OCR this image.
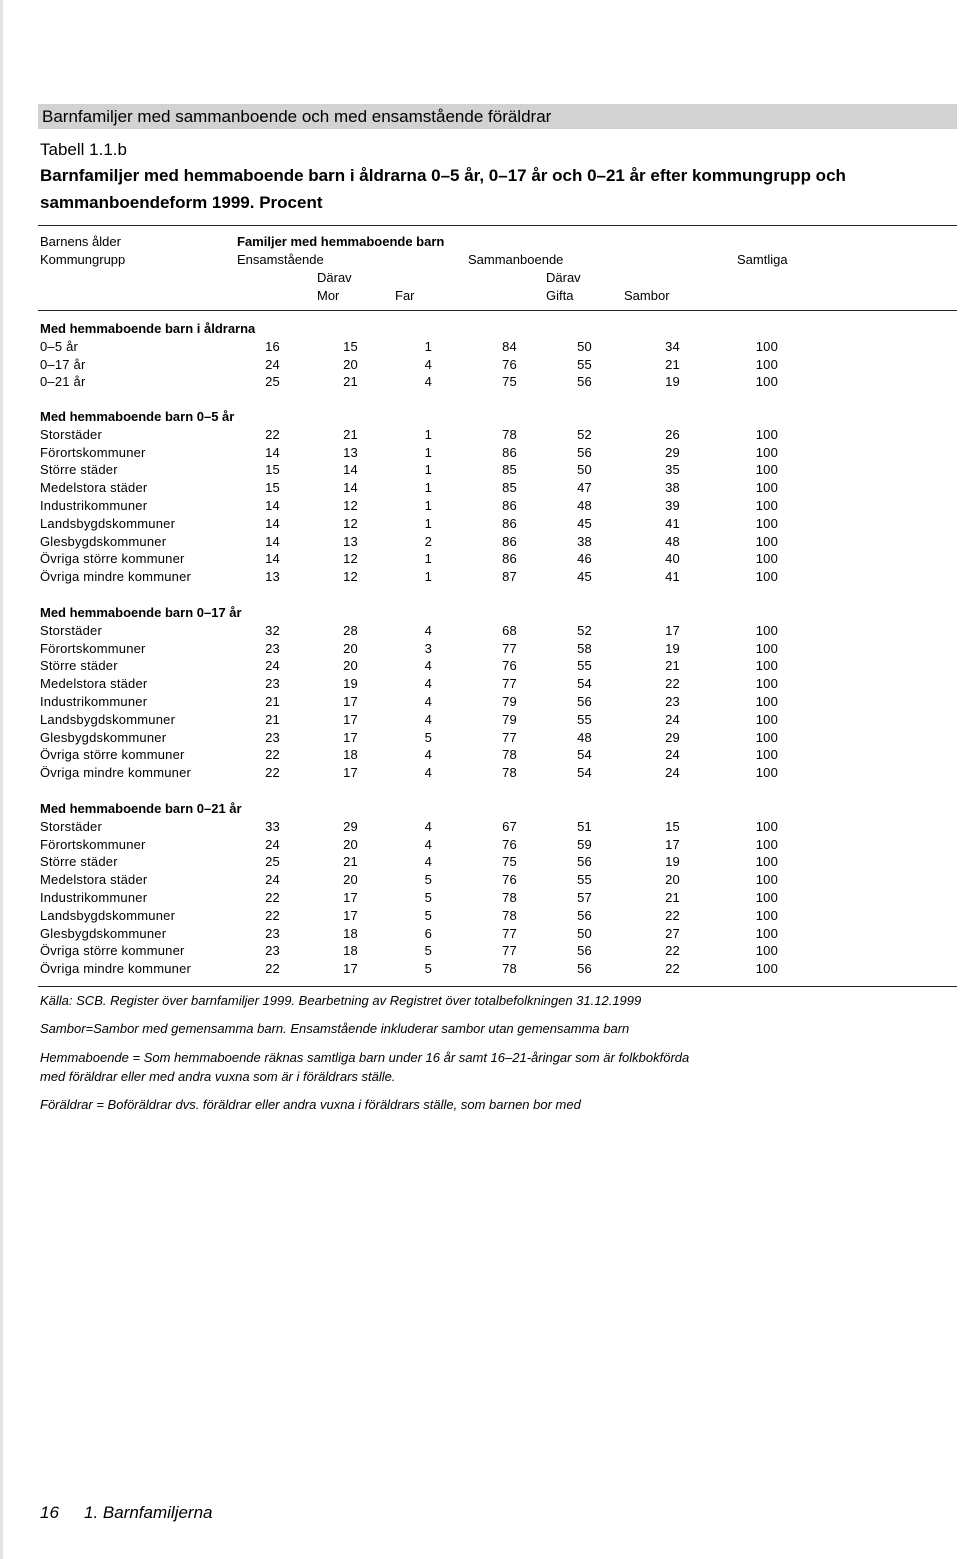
Barnfamiljer med sammanboende och med ensamstående föräldrar
Tabell 1.1.b
Barnfamiljer med hemmaboende barn i åldrarna 0–5 år, 0–17 år och 0–21 år efter kommungrupp och sammanboendeform 1999. Procent
Barnens ålder	Familjer med hemmaboende barn
Kommungrupp	Ensamstående	Sammanboende	Samtliga
Därav	Därav
Mor	Far	Gifta	Sambor
Med hemmaboende barn i åldrarna
0–5 år	16	15	1	84	50	34	100
0–17 år	24	20	4	76	55	21	100
0–21 år	25	21	4	75	56	19	100
Med hemmaboende barn 0–5 år
Storstäder	22	21	1	78	52	26	100
Förortskommuner	14	13	1	86	56	29	100
Större städer	15	14	1	85	50	35	100
Medelstora städer	15	14	1	85	47	38	100
Industrikommuner	14	12	1	86	48	39	100
Landsbygdskommuner	14	12	1	86	45	41	100
Glesbygdskommuner	14	13	2	86	38	48	100
Övriga större kommuner	14	12	1	86	46	40	100
Övriga mindre kommuner	13	12	1	87	45	41	100
Med hemmaboende barn 0–17 år
Storstäder	32	28	4	68	52	17	100
Förortskommuner	23	20	3	77	58	19	100
Större städer	24	20	4	76	55	21	100
Medelstora städer	23	19	4	77	54	22	100
Industrikommuner	21	17	4	79	56	23	100
Landsbygdskommuner	21	17	4	79	55	24	100
Glesbygdskommuner	23	17	5	77	48	29	100
Övriga större kommuner	22	18	4	78	54	24	100
Övriga mindre kommuner	22	17	4	78	54	24	100
Med hemmaboende barn 0–21 år
Storstäder	33	29	4	67	51	15	100
Förortskommuner	24	20	4	76	59	17	100
Större städer	25	21	4	75	56	19	100
Medelstora städer	24	20	5	76	55	20	100
Industrikommuner	22	17	5	78	57	21	100
Landsbygdskommuner	22	17	5	78	56	22	100
Glesbygdskommuner	23	18	6	77	50	27	100
Övriga större kommuner	23	18	5	77	56	22	100
Övriga mindre kommuner	22	17	5	78	56	22	100
Källa: SCB. Register över barnfamiljer 1999. Bearbetning av Registret över totalbefolkningen 31.12.1999
Sambor=Sambor med gemensamma barn. Ensamstående inkluderar sambor utan gemensamma barn
Hemmaboende = Som hemmaboende räknas samtliga barn under 16 år samt 16–21-åringar som är folkbokförda
med föräldrar eller med andra vuxna som är i föräldrars ställe.
Föräldrar = Boföräldrar dvs. föräldrar eller andra vuxna i föräldrars ställe, som barnen bor med
16 1. Barnfamiljerna
